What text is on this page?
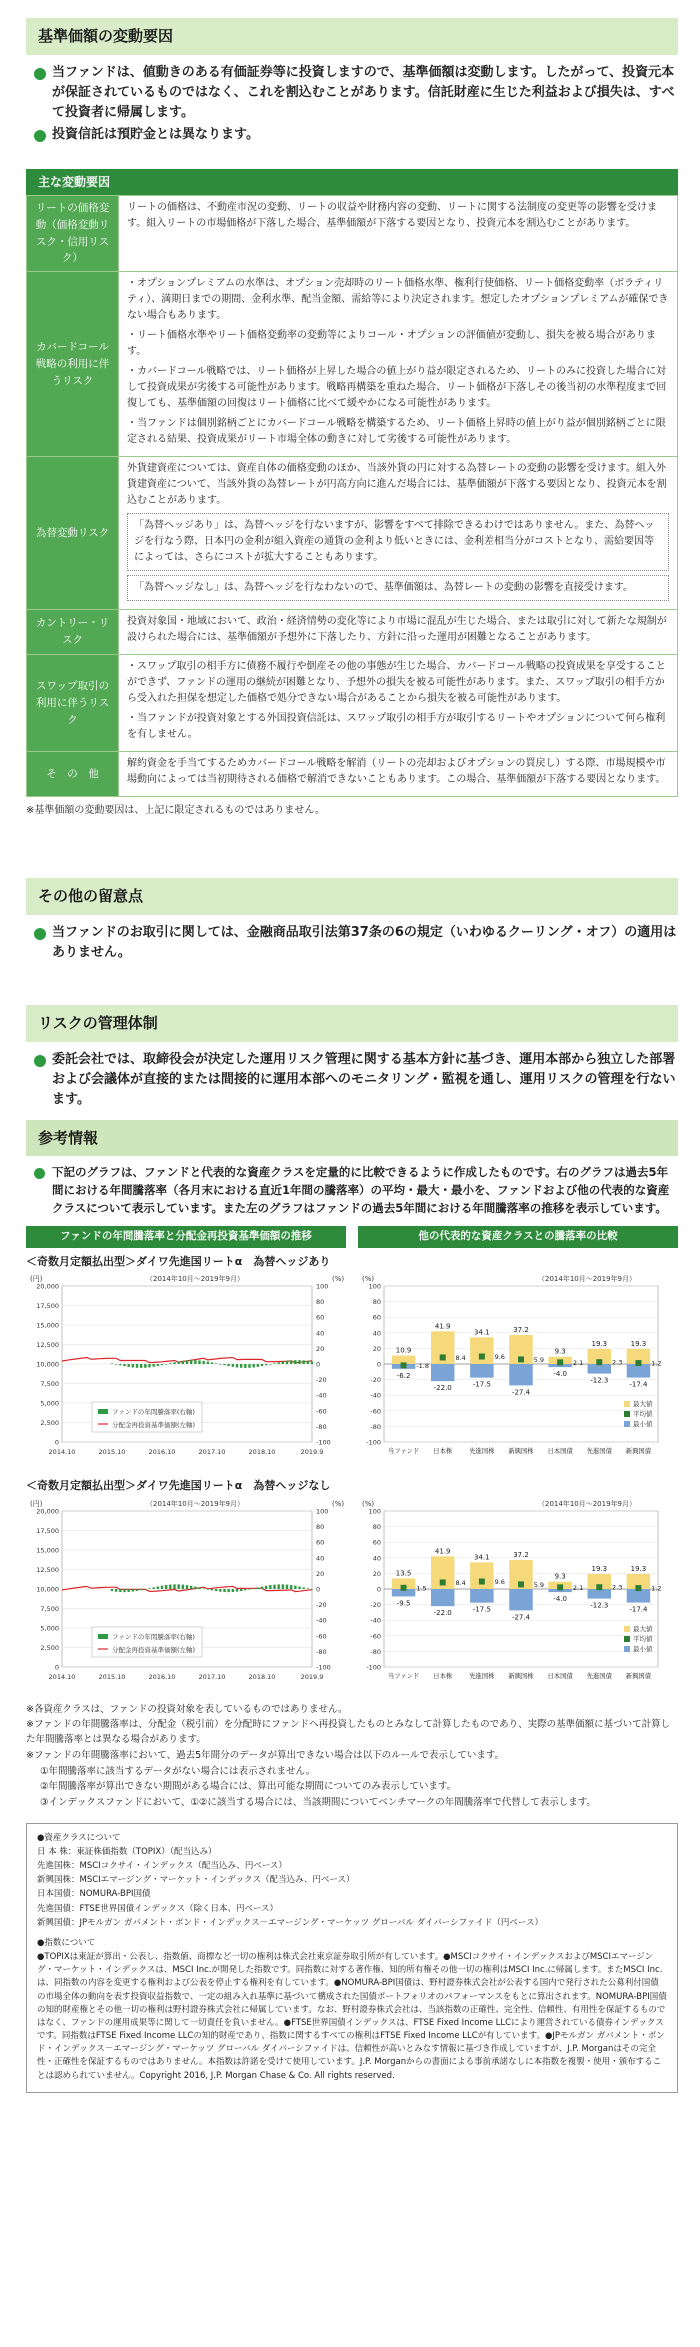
基準価額の変動要因
当ファンドは、値動きのある有価証券等に投資しますので、基準価額は変動します。したがって、投資元本が保証されているものではなく、これを割込むことがあります。信託財産に生じた利益および損失は、すべて投資者に帰属します。
投資信託は預貯金とは異なります。
主な変動要因
リートの価格変動（価格変動リスク・信用リスク）	リートの価格は、不動産市況の変動、リートの収益や財務内容の変動、リートに関する法制度の変更等の影響を受けます。組入リートの市場価格が下落した場合、基準価額が下落する要因となり、投資元本を割込むことがあります。

カバードコール戦略の利用に伴うリスク	・オプションプレミアムの水準は、オプション売却時のリート価格水準、権利行使価格、リート価格変動率（ボラティリティ）、満期日までの期間、金利水準、配当金額、需給等により決定されます。想定したオプションプレミアムが確保できない場合もあります。

・リート価格水準やリート価格変動率の変動等によりコール・オプションの評価値が変動し、損失を被る場合があります。

・カバードコール戦略では、リート価格が上昇した場合の値上がり益が限定されるため、リートのみに投資した場合に対して投資成果が劣後する可能性があります。戦略再構築を重ねた場合、リート価格が下落しその後当初の水準程度まで回復しても、基準価額の回復はリート価格に比べて緩やかになる可能性があります。

・当ファンドは個別銘柄ごとにカバードコール戦略を構築するため、リート価格上昇時の値上がり益が個別銘柄ごとに限定される結果、投資成果がリート市場全体の動きに対して劣後する可能性があります。

為替変動リスク	外貨建資産については、資産自体の価格変動のほか、当該外貨の円に対する為替レートの変動の影響を受けます。組入外貨建資産について、当該外貨の為替レートが円高方向に進んだ場合には、基準価額が下落する要因となり、投資元本を割込むことがあります。

「為替ヘッジあり」は、為替ヘッジを行ないますが、影響をすべて排除できるわけではありません。また、為替ヘッジを行なう際、日本円の金利が組入資産の通貨の金利より低いときには、金利差相当分がコストとなり、需給要因等によっては、さらにコストが拡大することもあります。
「為替ヘッジなし」は、為替ヘッジを行なわないので、基準価額は、為替レートの変動の影響を直接受けます。

カントリー・リスク	投資対象国・地域において、政治・経済情勢の変化等により市場に混乱が生じた場合、または取引に対して新たな規制が設けられた場合には、基準価額が予想外に下落したり、方針に沿った運用が困難となることがあります。

スワップ取引の利用に伴うリスク	・スワップ取引の相手方に債務不履行や倒産その他の事態が生じた場合、カバードコール戦略の投資成果を享受することができず、ファンドの運用の継続が困難となり、予想外の損失を被る可能性があります。また、スワップ取引の相手方から受入れた担保を想定した価格で処分できない場合があることから損失を被る可能性があります。

・当ファンドが投資対象とする外国投資信託は、スワップ取引の相手方が取引するリートやオプションについて何ら権利を有しません。

そ　の　他	解約資金を手当てするためカバードコール戦略を解消（リートの売却およびオプションの買戻し）する際、市場規模や市場動向によっては当初期待される価格で解消できないこともあります。この場合、基準価額が下落する要因となります。

※基準価額の変動要因は、上記に限定されるものではありません。

その他の留意点
当ファンドのお取引に関しては、金融商品取引法第37条の6の規定（いわゆるクーリング・オフ）の適用はありません。
リスクの管理体制
委託会社では、取締役会が決定した運用リスク管理に関する基本方針に基づき、運用本部から独立した部署および会議体が直接的または間接的に運用本部へのモニタリング・監視を通し、運用リスクの管理を行ないます。
参考情報

下記のグラフは、ファンドと代表的な資産クラスを定量的に比較できるように作成したものです。右のグラフは過去5年間における年間騰落率（各月末における直近1年間の騰落率）の平均・最大・最小を、ファンドおよび他の代表的な資産クラスについて表示しています。また左のグラフはファンドの過去5年間における年間騰落率の推移を表示しています。

ファンドの年間騰落率と分配金再投資基準価額の推移	他の代表的な資産クラスとの騰落率の比較
＜奇数月定額払出型＞ダイワ先進国リートα　為替ヘッジあり
(円)	(%)
（2014年10月～2019年9月）
20,000
17,500
15,000
12,500
10,000
7,500
5,000
2,500
0
100
80
60
40
20
0
-20
-40
-60
-80
-100
2014.10	2015.10	2016.10	2017.10	2018.10	2019.9
ファンドの年間騰落率(右軸)
分配金再投資基準価額(左軸)
(%)	（2014年10月～2019年9月）
100
80
60
40
20
0
-20
-40
-60
-80
-100
10.9
-6.2
-1.8
当ファンド
41.9
-22.0
8.4
日本株
34.1
-17.5
9.6
先進国株
37.2
-27.4
5.9
新興国株
9.3
-4.0
2.1
日本国債
19.3
-12.3
2.3
先進国債
19.3
-17.4
1.2
新興国債
最大値
平均値
最小値
＜奇数月定額払出型＞ダイワ先進国リートα　為替ヘッジなし
(円)	(%)
（2014年10月～2019年9月）
20,000
17,500
15,000
12,500
10,000
7,500
5,000
2,500
0
100
80
60
40
20
0
-20
-40
-60
-80
-100
2014.10	2015.10	2016.10	2017.10	2018.10	2019.9
ファンドの年間騰落率(右軸)
分配金再投資基準価額(左軸)
(%)	（2014年10月～2019年9月）
100
80
60
40
20
0
-20
-40
-60
-80
-100
13.5
-9.5
1.5
当ファンド
41.9
-22.0
8.4
日本株
34.1
-17.5
9.6
先進国株
37.2
-27.4
5.9
新興国株
9.3
-4.0
2.1
日本国債
19.3
-12.3
2.3
先進国債
19.3
-17.4
1.2
新興国債
最大値
平均値
最小値

※各資産クラスは、ファンドの投資対象を表しているものではありません。

※ファンドの年間騰落率は、分配金（税引前）を分配時にファンドへ再投資したものとみなして計算したものであり、実際の基準価額に基づいて計算した年間騰落率とは異なる場合があります。

※ファンドの年間騰落率において、過去5年間分のデータが算出できない場合は以下のルールで表示しています。

①年間騰落率に該当するデータがない場合には表示されません。

②年間騰落率が算出できない期間がある場合には、算出可能な期間についてのみ表示しています。

③インデックスファンドにおいて、①②に該当する場合には、当該期間についてベンチマークの年間騰落率で代替して表示します。

●資産クラスについて

日 本 株：東証株価指数（TOPIX）（配当込み）

先進国株：MSCIコクサイ・インデックス（配当込み、円ベース）

新興国株：MSCIエマージング・マーケット・インデックス（配当込み、円ベース）

日本国債：NOMURA-BPI国債

先進国債：FTSE世界国債インデックス（除く日本、円ベース）

新興国債：JPモルガン ガバメント・ボンド・インデックス－エマージング・マーケッツ グローバル ダイバーシファイド（円ベース）

●指数について

●TOPIXは東証が算出・公表し、指数値、商標など一切の権利は株式会社東京証券取引所が有しています。●MSCIコクサイ・インデックスおよびMSCIエマージング・マーケット・インデックスは、MSCI Inc.が開発した指数です。同指数に対する著作権、知的所有権その他一切の権利はMSCI Inc.に帰属します。またMSCI Inc.は、同指数の内容を変更する権利および公表を停止する権利を有しています。●NOMURA-BPI国債は、野村證券株式会社が公表する国内で発行された公募利付国債の市場全体の動向を表す投資収益指数で、一定の組み入れ基準に基づいて構成された国債ポートフォリオのパフォーマンスをもとに算出されます。NOMURA-BPI国債の知的財産権とその他一切の権利は野村證券株式会社に帰属しています。なお、野村證券株式会社は、当該指数の正確性、完全性、信頼性、有用性を保証するものではなく、ファンドの運用成果等に関して一切責任を負いません。●FTSE世界国債インデックスは、FTSE Fixed Income LLCにより運営されている債券インデックスです。同指数はFTSE Fixed Income LLCの知的財産であり、指数に関するすべての権利はFTSE Fixed Income LLCが有しています。●JPモルガン ガバメント・ボンド・インデックス－エマージング・マーケッツ グローバル ダイバーシファイドは、信頼性が高いとみなす情報に基づき作成していますが、J.P. Morganはその完全性・正確性を保証するものではありません。本指数は許諾を受けて使用しています。J.P. Morganからの書面による事前承諾なしに本指数を複製・使用・頒布することは認められていません。Copyright 2016, J.P. Morgan Chase & Co. All rights reserved.
